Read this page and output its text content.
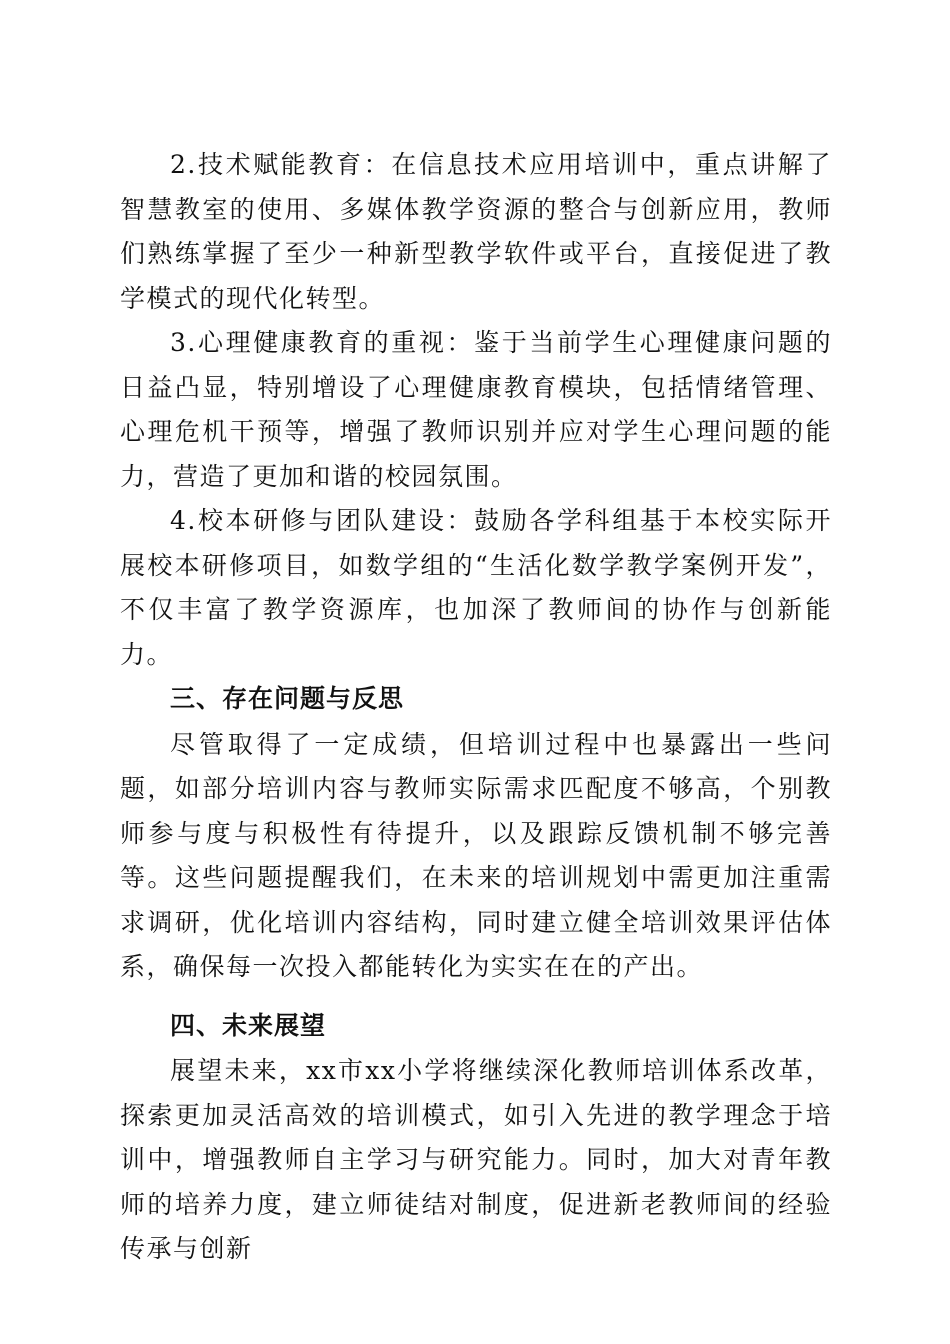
2.技术赋能教育：在信息技术应用培训中，重点讲解了智慧教室的使用、多媒体教学资源的整合与创新应用，教师们熟练掌握了至少一种新型教学软件或平台，直接促进了教学模式的现代化转型。

3.心理健康教育的重视：鉴于当前学生心理健康问题的日益凸显，特别增设了心理健康教育模块，包括情绪管理、心理危机干预等，增强了教师识别并应对学生心理问题的能力，营造了更加和谐的校园氛围。

4.校本研修与团队建设：鼓励各学科组基于本校实际开展校本研修项目，如数学组的“生活化数学教学案例开发”，不仅丰富了教学资源库，也加深了教师间的协作与创新能力。

三、存在问题与反思

尽管取得了一定成绩，但培训过程中也暴露出一些问题，如部分培训内容与教师实际需求匹配度不够高，个别教师参与度与积极性有待提升，以及跟踪反馈机制不够完善等。这些问题提醒我们，在未来的培训规划中需更加注重需求调研，优化培训内容结构，同时建立健全培训效果评估体系，确保每一次投入都能转化为实实在在的产出。

四、未来展望

展望未来，xx市xx小学将继续深化教师培训体系改革，探索更加灵活高效的培训模式，如引入先进的教学理念于培训中，增强教师自主学习与研究能力。同时，加大对青年教师的培养力度，建立师徒结对制度，促进新老教师间的经验传承与创新
